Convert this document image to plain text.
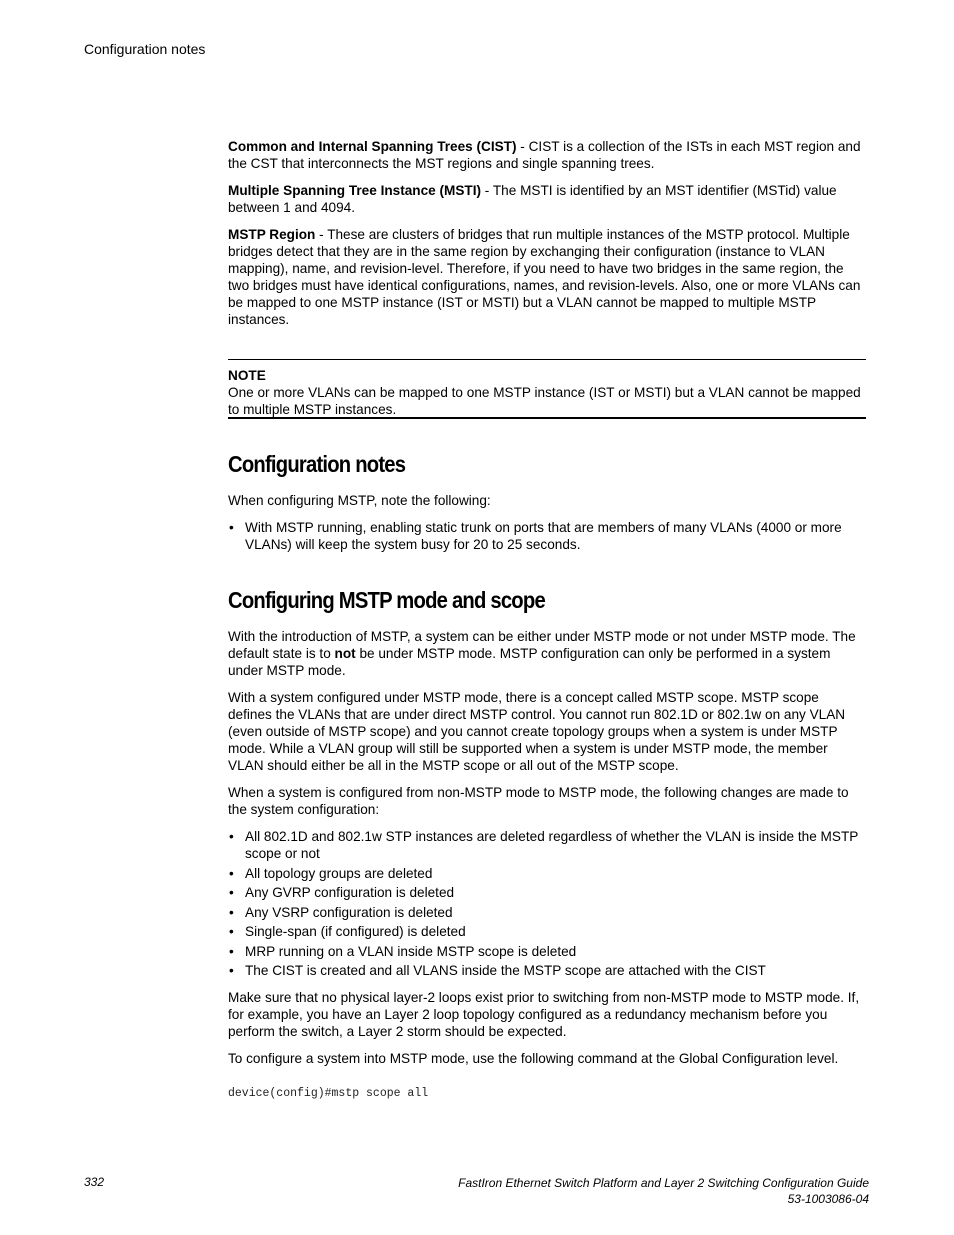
Configuration notes

Common and Internal Spanning Trees (CIST) - CIST is a collection of the ISTs in each MST region and the CST that interconnects the MST regions and single spanning trees.

Multiple Spanning Tree Instance (MSTI) - The MSTI is identified by an MST identifier (MSTid) value between 1 and 4094.

MSTP Region - These are clusters of bridges that run multiple instances of the MSTP protocol. Multiple bridges detect that they are in the same region by exchanging their configuration (instance to VLAN mapping), name, and revision-level. Therefore, if you need to have two bridges in the same region, the two bridges must have identical configurations, names, and revision-levels. Also, one or more VLANs can be mapped to one MSTP instance (IST or MSTI) but a VLAN cannot be mapped to multiple MSTP instances.

NOTE
One or more VLANs can be mapped to one MSTP instance (IST or MSTI) but a VLAN cannot be mapped to multiple MSTP instances.
Configuration notes

When configuring MSTP, note the following:

• With MSTP running, enabling static trunk on ports that are members of many VLANs (4000 or more VLANs) will keep the system busy for 20 to 25 seconds.
Configuring MSTP mode and scope

With the introduction of MSTP, a system can be either under MSTP mode or not under MSTP mode. The default state is to not be under MSTP mode. MSTP configuration can only be performed in a system under MSTP mode.

With a system configured under MSTP mode, there is a concept called MSTP scope. MSTP scope defines the VLANs that are under direct MSTP control. You cannot run 802.1D or 802.1w on any VLAN (even outside of MSTP scope) and you cannot create topology groups when a system is under MSTP mode. While a VLAN group will still be supported when a system is under MSTP mode, the member VLAN should either be all in the MSTP scope or all out of the MSTP scope.

When a system is configured from non-MSTP mode to MSTP mode, the following changes are made to the system configuration:

• All 802.1D and 802.1w STP instances are deleted regardless of whether the VLAN is inside the MSTP scope or not
• All topology groups are deleted
• Any GVRP configuration is deleted
• Any VSRP configuration is deleted
• Single-span (if configured) is deleted
• MRP running on a VLAN inside MSTP scope is deleted
• The CIST is created and all VLANS inside the MSTP scope are attached with the CIST

Make sure that no physical layer-2 loops exist prior to switching from non-MSTP mode to MSTP mode. If, for example, you have an Layer 2 loop topology configured as a redundancy mechanism before you perform the switch, a Layer 2 storm should be expected.

To configure a system into MSTP mode, use the following command at the Global Configuration level.

device(config)#mstp scope all
332	FastIron Ethernet Switch Platform and Layer 2 Switching Configuration Guide
53-1003086-04
